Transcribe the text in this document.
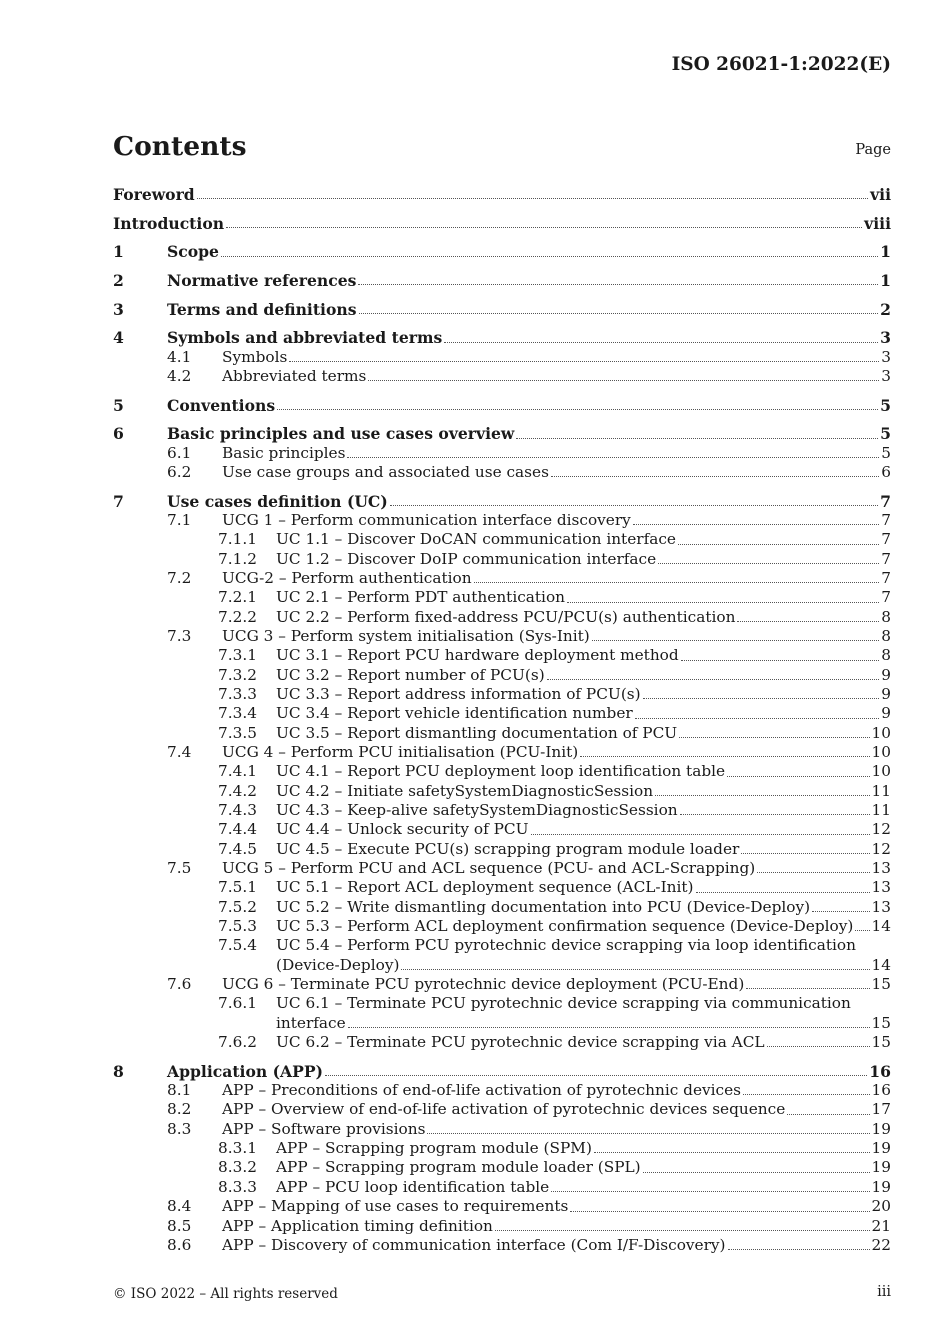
ISO 26021-1:2022(E)
Contents	Page
Foreword	vii
Introduction	viii
1	Scope	1
2	Normative references	1
3	Terms and definitions	2
4	Symbols and abbreviated terms	3
4.1 Symbols	3
4.2 Abbreviated terms	3
5	Conventions	5
6	Basic principles and use cases overview	5
6.1 Basic principles	5
6.2 Use case groups and associated use cases	6
7	Use cases definition (UC)	7
7.1 UCG 1 – Perform communication interface discovery	7
7.1.1 UC 1.1 – Discover DoCAN communication interface	7
7.1.2 UC 1.2 – Discover DoIP communication interface	7
7.2 UCG-2 – Perform authentication	7
7.2.1 UC 2.1 – Perform PDT authentication	7
7.2.2 UC 2.2 – Perform fixed-address PCU/PCU(s) authentication	8
7.3 UCG 3 – Perform system initialisation (Sys-Init)	8
7.3.1 UC 3.1 – Report PCU hardware deployment method	8
7.3.2 UC 3.2 – Report number of PCU(s)	9
7.3.3 UC 3.3 – Report address information of PCU(s)	9
7.3.4 UC 3.4 – Report vehicle identification number	9
7.3.5 UC 3.5 – Report dismantling documentation of PCU	10
7.4 UCG 4 – Perform PCU initialisation (PCU-Init)	10
7.4.1 UC 4.1 – Report PCU deployment loop identification table	10
7.4.2 UC 4.2 – Initiate safetySystemDiagnosticSession	11
7.4.3 UC 4.3 – Keep-alive safetySystemDiagnosticSession	11
7.4.4 UC 4.4 – Unlock security of PCU	12
7.4.5 UC 4.5 – Execute PCU(s) scrapping program module loader	12
7.5 UCG 5 – Perform PCU and ACL sequence (PCU- and ACL-Scrapping)	13
7.5.1 UC 5.1 – Report ACL deployment sequence (ACL-Init)	13
7.5.2 UC 5.2 – Write dismantling documentation into PCU (Device-Deploy)	13
7.5.3 UC 5.3 – Perform ACL deployment confirmation sequence (Device-Deploy) 14
7.5.4 UC 5.4 – Perform PCU pyrotechnic device scrapping via loop identification
(Device-Deploy)	14
7.6 UCG 6 – Terminate PCU pyrotechnic device deployment (PCU-End)	15
7.6.1 UC 6.1 – Terminate PCU pyrotechnic device scrapping via communication
interface	15
7.6.2 UC 6.2 – Terminate PCU pyrotechnic device scrapping via ACL	15
8	Application (APP)	16
8.1 APP – Preconditions of end-of-life activation of pyrotechnic devices	16
8.2 APP – Overview of end-of-life activation of pyrotechnic devices sequence	17
8.3 APP – Software provisions	19
8.3.1 APP – Scrapping program module (SPM)	19
8.3.2 APP – Scrapping program module loader (SPL)	19
8.3.3 APP – PCU loop identification table	19
8.4 APP – Mapping of use cases to requirements	20
8.5 APP – Application timing definition	21
8.6 APP – Discovery of communication interface (Com I/F-Discovery)	22
© ISO 2022 – All rights reserved	iii
